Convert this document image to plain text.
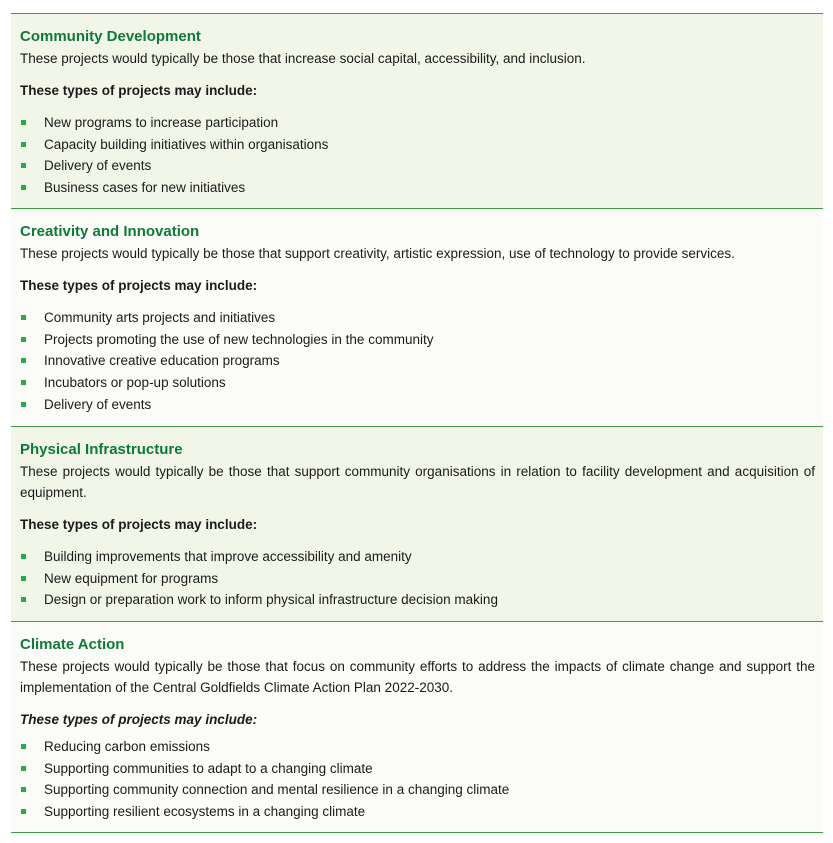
Community Development

These projects would typically be those that increase social capital, accessibility, and inclusion.

These types of projects may include:

New programs to increase participation
Capacity building initiatives within organisations
Delivery of events
Business cases for new initiatives
Creativity and Innovation

These projects would typically be those that support creativity, artistic expression, use of technology to provide services.

These types of projects may include:

Community arts projects and initiatives
Projects promoting the use of new technologies in the community
Innovative creative education programs
Incubators or pop-up solutions
Delivery of events
Physical Infrastructure

These projects would typically be those that support community organisations in relation to facility development and acquisition of equipment.

These types of projects may include:

Building improvements that improve accessibility and amenity
New equipment for programs
Design or preparation work to inform physical infrastructure decision making
Climate Action

These projects would typically be those that focus on community efforts to address the impacts of climate change and support the implementation of the Central Goldfields Climate Action Plan 2022-2030.

These types of projects may include:

Reducing carbon emissions
Supporting communities to adapt to a changing climate
Supporting community connection and mental resilience in a changing climate
Supporting resilient ecosystems in a changing climate
